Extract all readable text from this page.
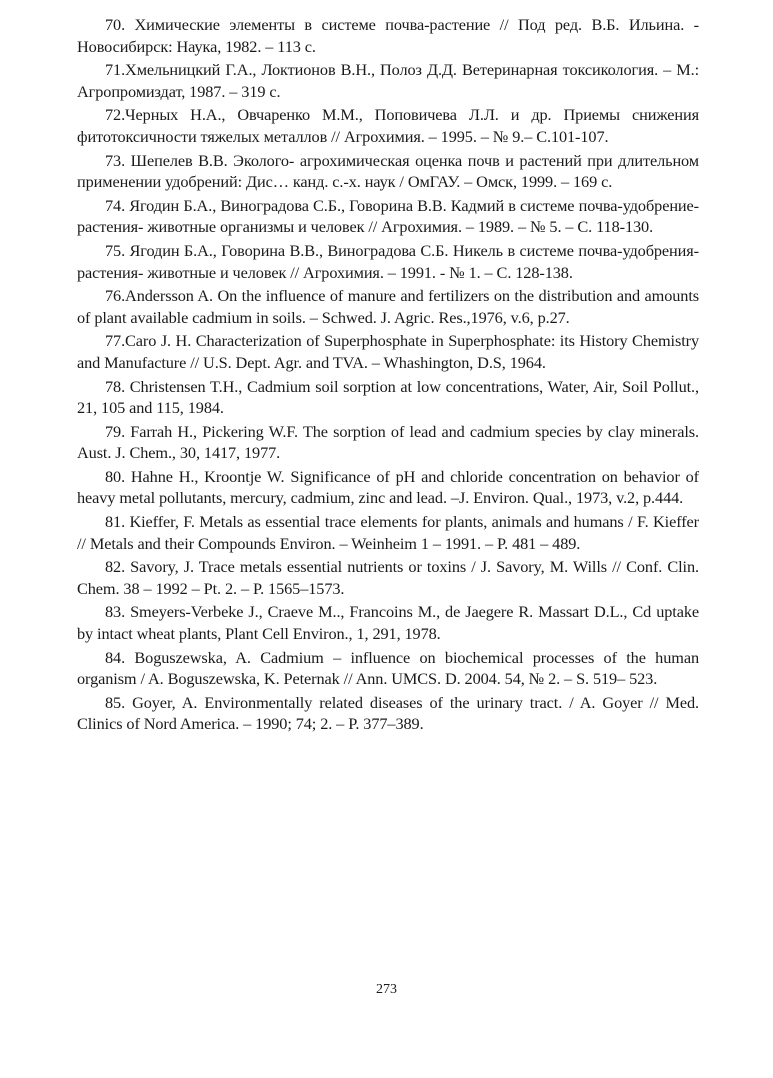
70. Химические элементы в системе почва-растение // Под ред. В.Б. Ильина. - Новосибирск: Наука, 1982. – 113 с.

71.Хмельницкий Г.А., Локтионов В.Н., Полоз Д.Д. Ветеринарная токсикология. – М.: Агропромиздат, 1987. – 319 с.

72.Черных Н.А., Овчаренко М.М., Поповичева Л.Л. и др. Приемы снижения фитотоксичности тяжелых металлов // Агрохимия. – 1995. – № 9.– С.101-107.

73. Шепелев В.В. Эколого- агрохимическая оценка почв и растений при длительном применении удобрений: Дис… канд. с.-х. наук / ОмГАУ. – Омск, 1999. – 169 с.

74. Ягодин Б.А., Виноградова С.Б., Говорина В.В. Кадмий в системе почва-удобрение- растения- животные организмы и человек // Агрохимия. – 1989. – № 5. – С. 118-130.

75. Ягодин Б.А., Говорина В.В., Виноградова С.Б. Никель в системе почва-удобрения- растения- животные и человек // Агрохимия. – 1991. - № 1. – С. 128-138.

76.Andersson A. On the influence of manure and fertilizers on the distribution and amounts of plant available cadmium in soils. – Schwed. J. Agric. Res.,1976, v.6, p.27.

77.Caro J. H. Characterization of Superphosphate in Superphosphate: its History Chemistry and Manufacture // U.S. Dept. Agr. and TVA. – Whashington, D.S, 1964.

78. Christensen T.H., Cadmium soil sorption at low concentrations, Water, Air, Soil Pollut., 21, 105 and 115, 1984.

79. Farrah H., Pickering W.F. The sorption of lead and cadmium species by clay minerals. Aust. J. Chem., 30, 1417, 1977.

80. Hahne H., Kroontje W. Significance of pH and chloride concentration on behavior of heavy metal pollutants, mercury, cadmium, zinc and lead. –J. Environ. Qual., 1973, v.2, p.444.

81. Kieffer, F. Metals as essential trace elements for plants, animals and humans / F. Kieffer // Metals and their Compounds Environ. – Weinheim 1 – 1991. – P. 481 – 489.

82. Savory, J. Trace metals essential nutrients or toxins / J. Savory, M. Wills // Conf. Clin. Chem. 38 – 1992 – Pt. 2. – P. 1565–1573.

83. Smeyers-Verbeke J., Craeve M.., Francoins M., de Jaegere R. Massart D.L., Cd uptake by intact wheat plants, Plant Cell Environ., 1, 291, 1978.

84. Boguszewska, A. Cadmium – influence on biochemical processes of the human organism / A. Boguszewska, K. Peternak // Ann. UMCS. D. 2004. 54, № 2. – S. 519– 523.

85. Goyer, A. Environmentally related diseases of the urinary tract. / A. Goyer // Med. Clinics of Nord America. – 1990; 74; 2. – P. 377–389.

273
